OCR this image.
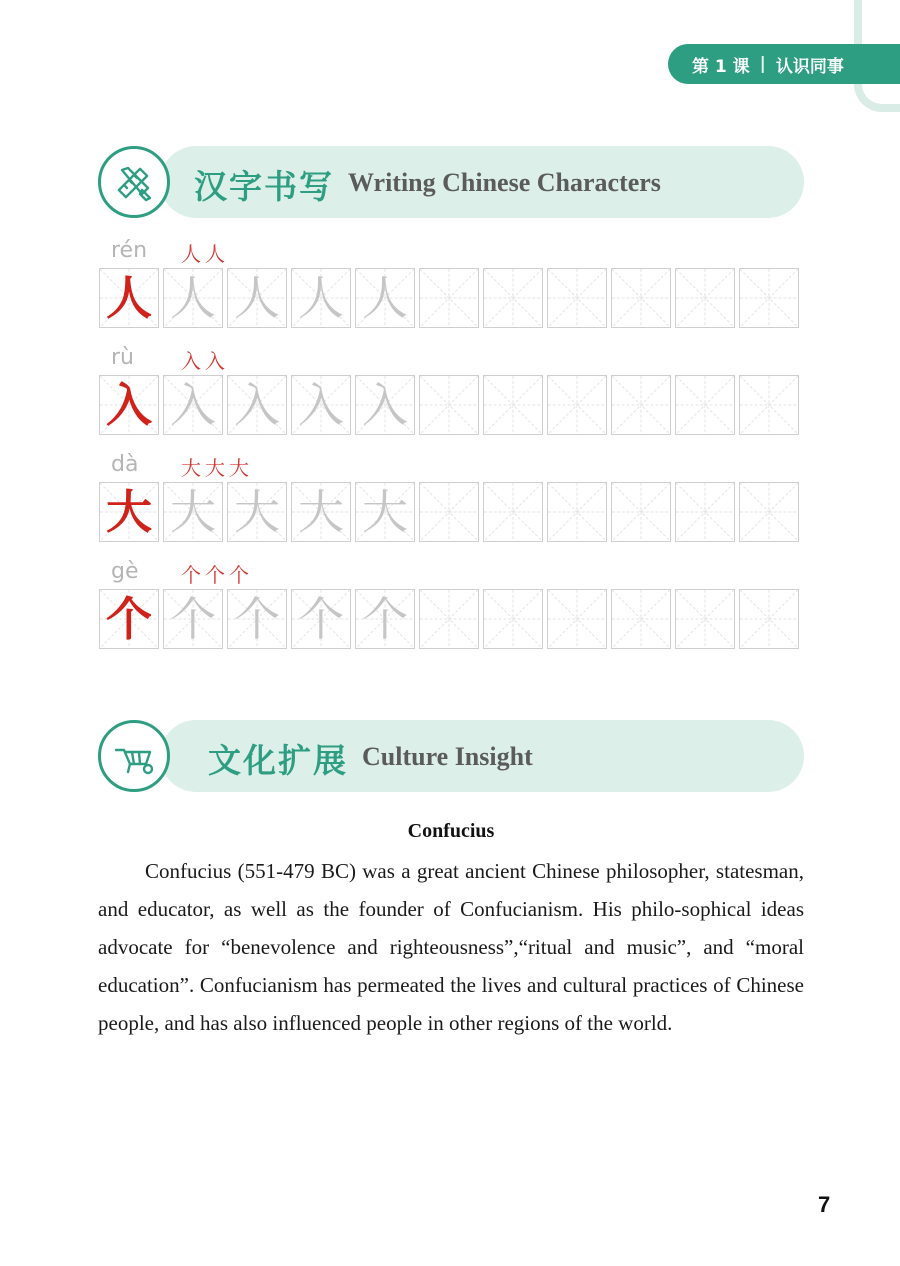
第 1 课 | 认识同事
汉字书写 Writing Chinese Characters
rén 人 人
人 人 人 人 人
rù 入 入
入 入 入 入 入
dà 大 大 大
大 大 大 大 大
gè 个 个 个
个 个 个 个 个
文化扩展 Culture Insight
Confucius
Confucius (551-479 BC) was a great ancient Chinese philosopher, statesman, and educator, as well as the founder of Confucianism. His philo-sophical ideas advocate for “benevolence and righteousness”,“ritual and music”, and “moral education”. Confucianism has permeated the lives and cultural practices of Chinese people, and has also influenced people in other regions of the world.
7
